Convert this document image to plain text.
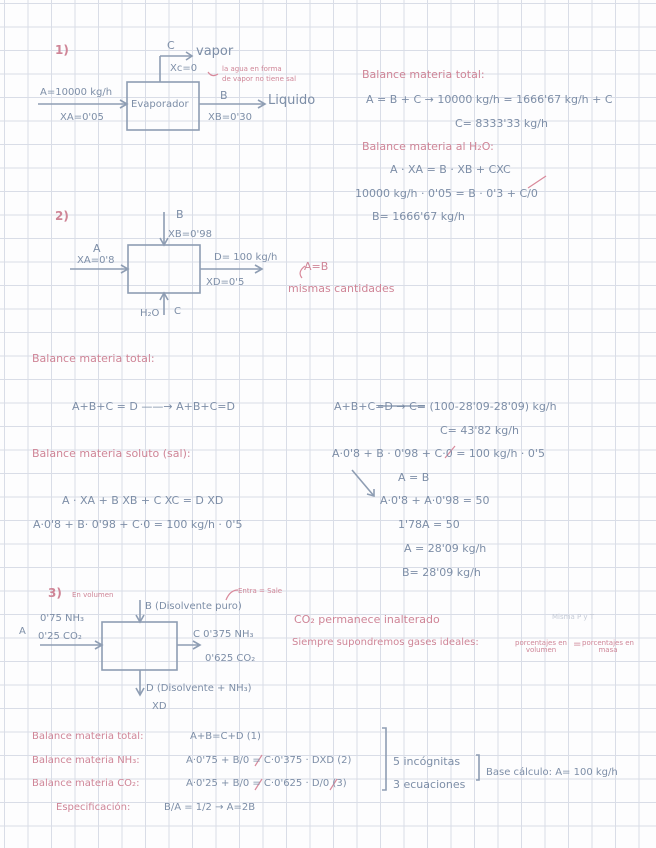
1)	C vapor
Xc=0	la agua en forma
de vapor no tiene sal
A=10000 kg/h
XA=0'05
Evaporador
B	Liquido
XB=0'30
Balance materia total:
A = B + C → 10000 kg/h = 1666'67 kg/h + C
C= 8333'33 kg/h
Balance materia al H₂O:
A · XA = B · XB + CXC
10000 kg/h · 0'05 = B · 0'3 + C/0
B= 1666'67 kg/h
2)	B
XB=0'98
A
XA=0'8	D= 100 kg/h
XD=0'5
A=B
mismas cantidades
H₂O C
Balance materia total:
A+B+C = D ——→ A+B+C=D	A+B+C=D → C= (100-28'09-28'09) kg/h
C= 43'82 kg/h
Balance materia soluto (sal):	A·0'8 + B · 0'98 + C·0 = 100 kg/h · 0'5
A = B
A · XA + B XB + C XC = D XD	A·0'8 + A·0'98 = 50
A·0'8 + B· 0'98 + C·0 = 100 kg/h · 0'5	1'78A = 50
A = 28'09 kg/h
B= 28'09 kg/h
3) En volumen
B (Disolvente puro)
Entra = Sale
0'75 NH₃
0'25 CO₂
A	C 0'375 NH₃
0'625 CO₂
D (Disolvente + NH₃)
XD
CO₂ permanece inalterado	Misma P y T
Siempre supondremos gases ideales:	porcentajes en volumen	= porcentajes en masa
Balance materia total:	A+B=C+D (1)
Balance materia NH₃:	A·0'75 + B/0 = C·0'375 · DXD (2)
Balance materia CO₂:	A·0'25 + B/0 = C·0'625 · D/0 (3)
Especificación:	B/A = 1/2 → A=2B
5 incógnitas
3 ecuaciones
Base cálculo: A= 100 kg/h
